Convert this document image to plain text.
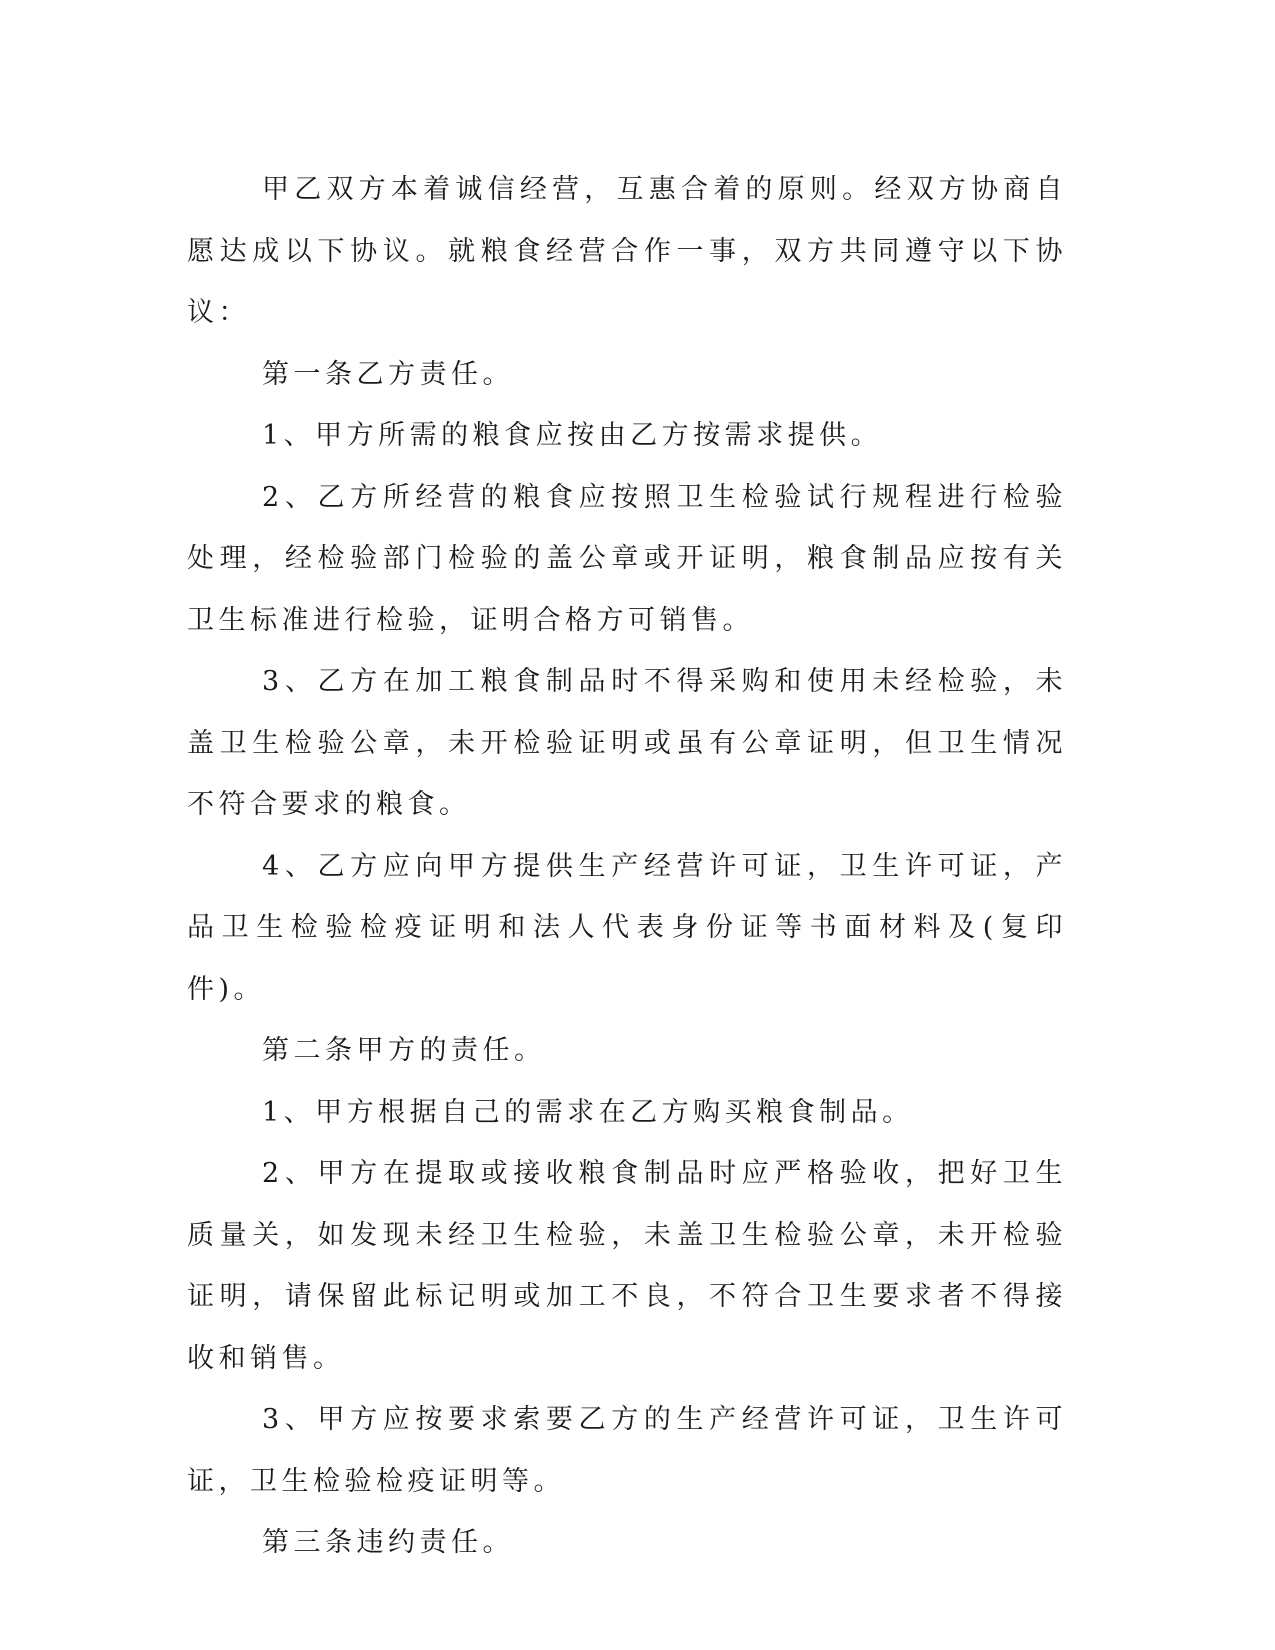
甲乙双方本着诚信经营，互惠合着的原则。经双方协商自愿达成以下协议。就粮食经营合作一事，双方共同遵守以下协议：

第一条乙方责任。

1、甲方所需的粮食应按由乙方按需求提供。

2、乙方所经营的粮食应按照卫生检验试行规程进行检验处理，经检验部门检验的盖公章或开证明，粮食制品应按有关卫生标准进行检验，证明合格方可销售。

3、乙方在加工粮食制品时不得采购和使用未经检验，未盖卫生检验公章，未开检验证明或虽有公章证明，但卫生情况不符合要求的粮食。

4、乙方应向甲方提供生产经营许可证，卫生许可证，产品卫生检验检疫证明和法人代表身份证等书面材料及(复印件)。

第二条甲方的责任。

1、甲方根据自己的需求在乙方购买粮食制品。

2、甲方在提取或接收粮食制品时应严格验收，把好卫生质量关，如发现未经卫生检验，未盖卫生检验公章，未开检验证明，请保留此标记明或加工不良，不符合卫生要求者不得接收和销售。

3、甲方应按要求索要乙方的生产经营许可证，卫生许可证，卫生检验检疫证明等。

第三条违约责任。
